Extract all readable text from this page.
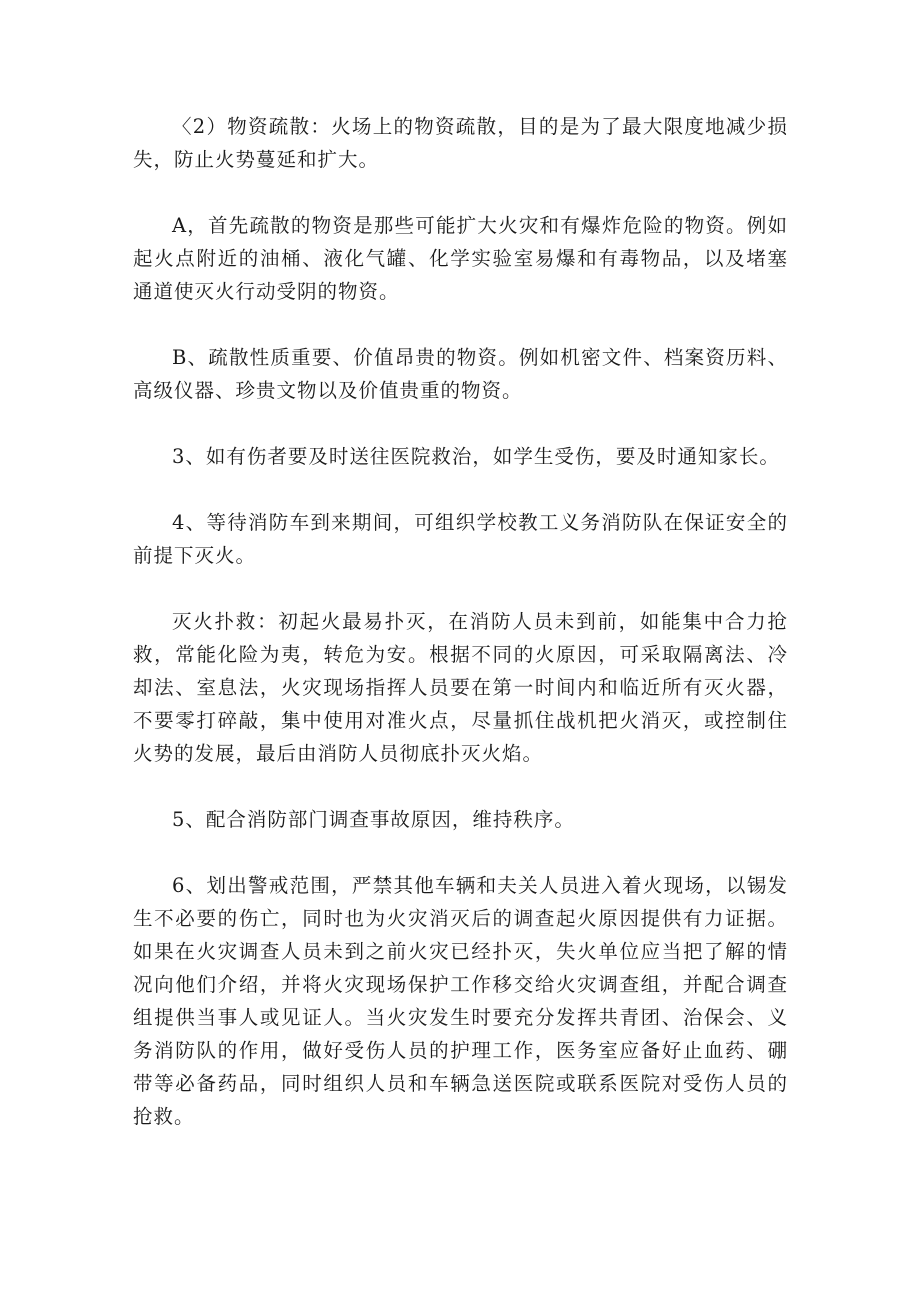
〈2）物资疏散：火场上的物资疏散，目的是为了最大限度地减少损失，防止火势蔓延和扩大。

A，首先疏散的物资是那些可能扩大火灾和有爆炸危险的物资。例如起火点附近的油桶、液化气罐、化学实验室易爆和有毒物品，以及堵塞通道使灭火行动受阴的物资。

B、疏散性质重要、价值昂贵的物资。例如机密文件、档案资历料、高级仪器、珍贵文物以及价值贵重的物资。

3、如有伤者要及时送往医院救治，如学生受伤，要及时通知家长。

4、等待消防车到来期间，可组织学校教工义务消防队在保证安全的前提下灭火。

灭火扑救：初起火最易扑灭，在消防人员未到前，如能集中合力抢救，常能化险为夷，转危为安。根据不同的火原因，可采取隔离法、冷却法、室息法，火灾现场指挥人员要在第一时间内和临近所有灭火器，不要零打碎敲，集中使用对准火点，尽量抓住战机把火消灭，或控制住火势的发展，最后由消防人员彻底扑灭火焰。

5、配合消防部门调查事故原因，维持秩序。

6、划出警戒范围，严禁其他车辆和夫关人员进入着火现场，以锡发生不必要的伤亡，同时也为火灾消灭后的调查起火原因提供有力证据。如果在火灾调查人员未到之前火灾已经扑灭，失火单位应当把了解的情况向他们介绍，并将火灾现场保护工作移交给火灾调查组，并配合调查组提供当事人或见证人。当火灾发生时要充分发挥共青团、治保会、义务消防队的作用，做好受伤人员的护理工作，医务室应备好止血药、硼带等必备药品，同时组织人员和车辆急送医院或联系医院对受伤人员的抢救。
